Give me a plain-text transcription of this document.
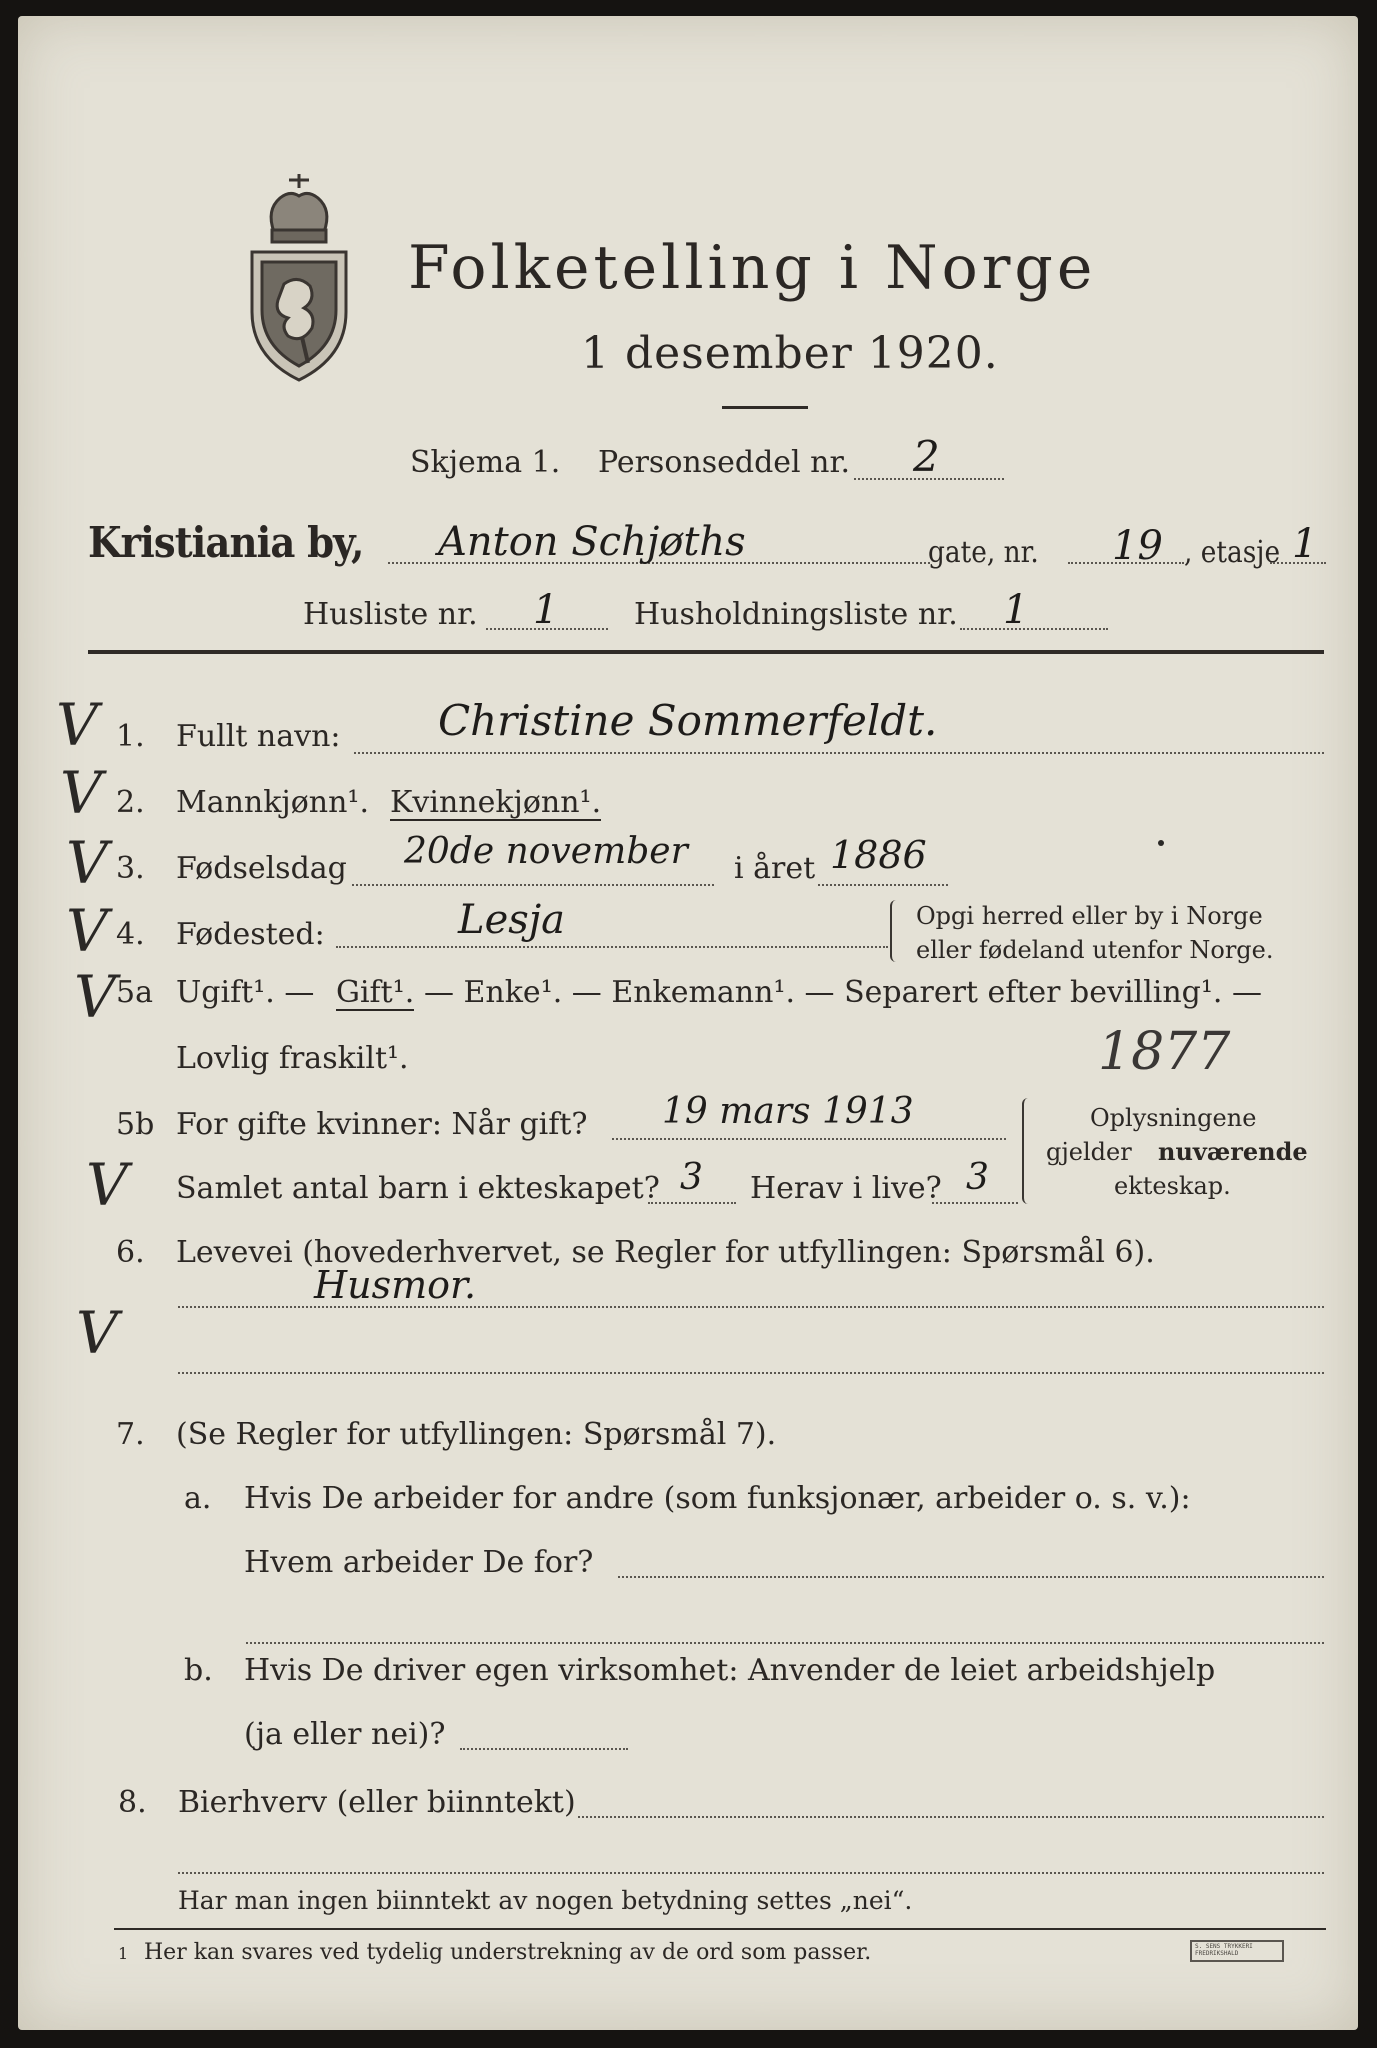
Folketelling i Norge
1 desember 1920.
Skjema 1. Personseddel nr. 2
Kristiania by, Anton Schjøths	gate, nr. 19 , etasje 1
Husliste nr. 1	Husholdningsliste nr. 1
V
V
V
V
V
V
V
1. Fullt navn: Christine Sommerfeldt.
2. Mannkjønn¹. Kvinnekjønn¹.
3. Fødselsdag 20de november i året 1886
4. Fødested:	Lesja	Opgi herred eller by i Norge
eller fødeland utenfor Norge.
5a Ugift¹. — Gift¹. — Enke¹. — Enkemann¹. — Separert efter bevilling¹. —
Lovlig fraskilt¹.	1877
5b For gifte kvinner: Når gift? 19 mars 1913
Samlet antal barn i ekteskapet? 3 Herav i live? 3
Oplysningene
gjelder nuværende
ekteskap.
6. Levevei (hovederhvervet, se Regler for utfyllingen: Spørsmål 6).
Husmor.
7. (Se Regler for utfyllingen: Spørsmål 7).
a. Hvis De arbeider for andre (som funksjonær, arbeider o. s. v.):
Hvem arbeider De for?
b. Hvis De driver egen virksomhet: Anvender de leiet arbeidshjelp
(ja eller nei)?
8. Bierhverv (eller biinntekt)
Har man ingen biinntekt av nogen betydning settes „nei“.
1 Her kan svares ved tydelig understrekning av de ord som passer.	S. SENS TRYKKERI FREDRIKSHALD
